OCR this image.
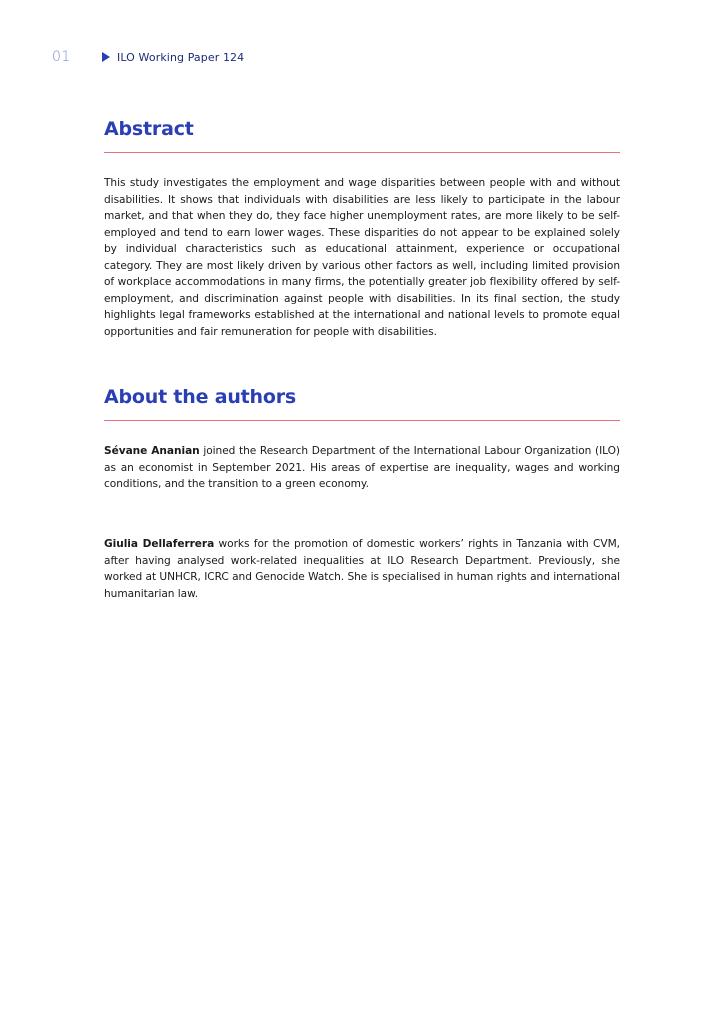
01	ILO Working Paper 124
Abstract

This study investigates the employment and wage disparities between people with and without disabilities. It shows that individuals with disabilities are less likely to participate in the labour market, and that when they do, they face higher unemployment rates, are more likely to be self-employed and tend to earn lower wages. These disparities do not appear to be explained solely by individual characteristics such as educational attainment, experience or occupational category. They are most likely driven by various other factors as well, including limited provision of workplace accommodations in many firms, the potentially greater job flexibility offered by self-employment, and discrimination against people with disabilities. In its final section, the study highlights legal frameworks established at the international and national levels to promote equal opportunities and fair remuneration for people with disabilities.

About the authors

Sévane Ananian joined the Research Department of the International Labour Organization (ILO) as an economist in September 2021. His areas of expertise are inequality, wages and working conditions, and the transition to a green economy.

Giulia Dellaferrera works for the promotion of domestic workers’ rights in Tanzania with CVM, after having analysed work-related inequalities at ILO Research Department. Previously, she worked at UNHCR, ICRC and Genocide Watch. She is specialised in human rights and international humanitarian law.
